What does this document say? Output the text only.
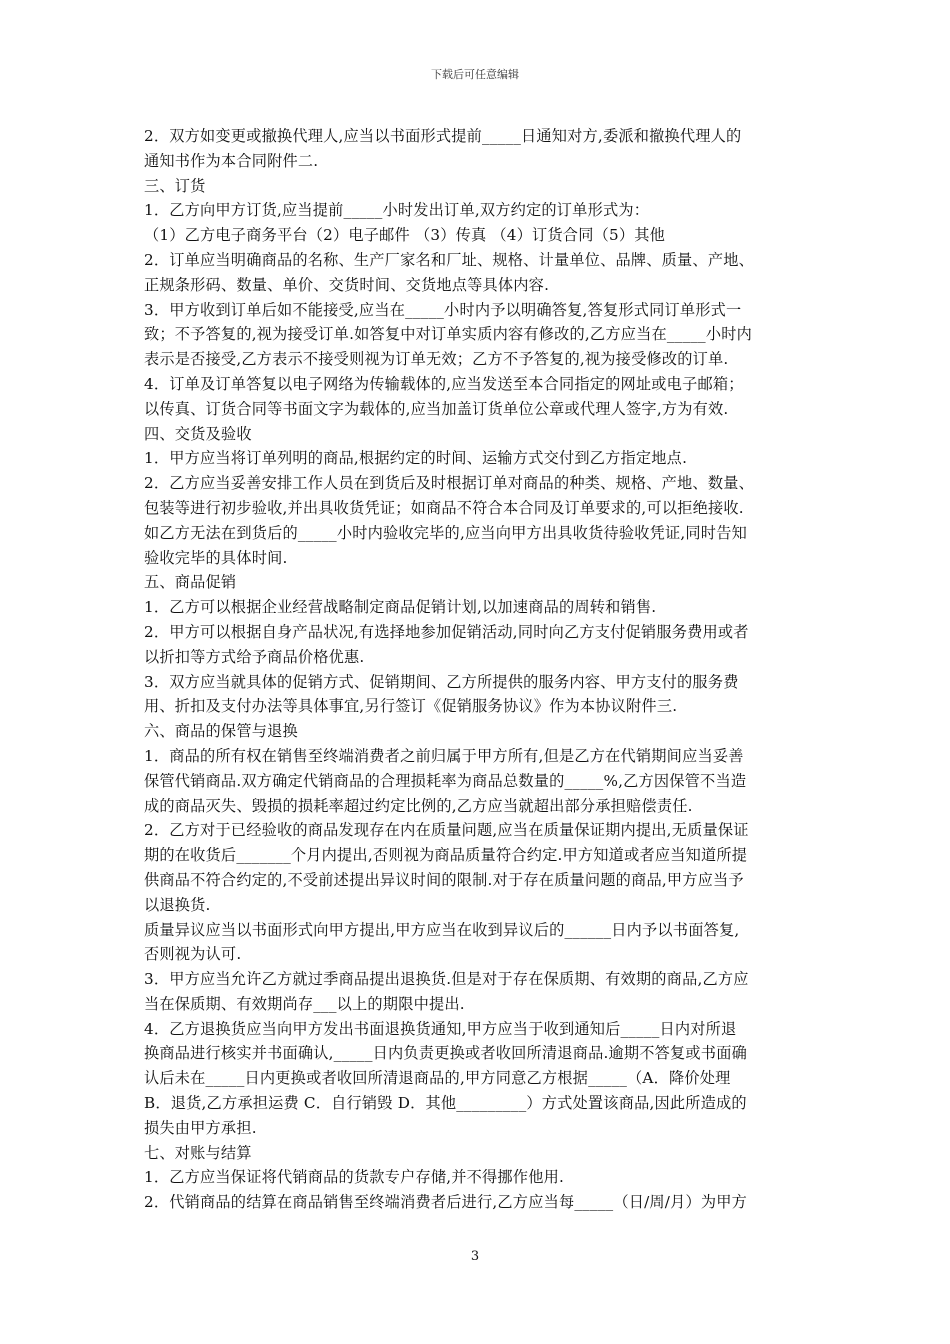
下载后可任意编辑
2．双方如变更或撤换代理人,应当以书面形式提前_____日通知对方,委派和撤换代理人的
通知书作为本合同附件二.
三、订货
1．乙方向甲方订货,应当提前_____小时发出订单,双方约定的订单形式为：
（1）乙方电子商务平台（2）电子邮件 （3）传真 （4）订货合同（5）其他
2．订单应当明确商品的名称、生产厂家名和厂址、规格、计量单位、品牌、质量、产地、
正规条形码、数量、单价、交货时间、交货地点等具体内容.
3．甲方收到订单后如不能接受,应当在_____小时内予以明确答复,答复形式同订单形式一
致；不予答复的,视为接受订单.如答复中对订单实质内容有修改的,乙方应当在_____小时内
表示是否接受,乙方表示不接受则视为订单无效；乙方不予答复的,视为接受修改的订单.
4．订单及订单答复以电子网络为传输载体的,应当发送至本合同指定的网址或电子邮箱；
以传真、订货合同等书面文字为载体的,应当加盖订货单位公章或代理人签字,方为有效.
四、交货及验收
1．甲方应当将订单列明的商品,根据约定的时间、运输方式交付到乙方指定地点.
2．乙方应当妥善安排工作人员在到货后及时根据订单对商品的种类、规格、产地、数量、
包装等进行初步验收,并出具收货凭证；如商品不符合本合同及订单要求的,可以拒绝接收.
如乙方无法在到货后的_____小时内验收完毕的,应当向甲方出具收货待验收凭证,同时告知
验收完毕的具体时间.
五、商品促销
1．乙方可以根据企业经营战略制定商品促销计划,以加速商品的周转和销售.
2．甲方可以根据自身产品状况,有选择地参加促销活动,同时向乙方支付促销服务费用或者
以折扣等方式给予商品价格优惠.
3．双方应当就具体的促销方式、促销期间、乙方所提供的服务内容、甲方支付的服务费
用、折扣及支付办法等具体事宜,另行签订《促销服务协议》作为本协议附件三.
六、商品的保管与退换
1．商品的所有权在销售至终端消费者之前归属于甲方所有,但是乙方在代销期间应当妥善
保管代销商品.双方确定代销商品的合理损耗率为商品总数量的_____%,乙方因保管不当造
成的商品灭失、毁损的损耗率超过约定比例的,乙方应当就超出部分承担赔偿责任.
2．乙方对于已经验收的商品发现存在内在质量问题,应当在质量保证期内提出,无质量保证
期的在收货后_______个月内提出,否则视为商品质量符合约定.甲方知道或者应当知道所提
供商品不符合约定的,不受前述提出异议时间的限制.对于存在质量问题的商品,甲方应当予
以退换货.
质量异议应当以书面形式向甲方提出,甲方应当在收到异议后的______日内予以书面答复,
否则视为认可.
3．甲方应当允许乙方就过季商品提出退换货.但是对于存在保质期、有效期的商品,乙方应
当在保质期、有效期尚存___以上的期限中提出.
4．乙方退换货应当向甲方发出书面退换货通知,甲方应当于收到通知后_____日内对所退
换商品进行核实并书面确认,_____日内负责更换或者收回所清退商品.逾期不答复或书面确
认后未在_____日内更换或者收回所清退商品的,甲方同意乙方根据_____（A．降价处理
B．退货,乙方承担运费 C．自行销毁 D．其他_________）方式处置该商品,因此所造成的
损失由甲方承担.
七、对账与结算
1．乙方应当保证将代销商品的货款专户存储,并不得挪作他用.
2．代销商品的结算在商品销售至终端消费者后进行,乙方应当每_____（日/周/月）为甲方
3
